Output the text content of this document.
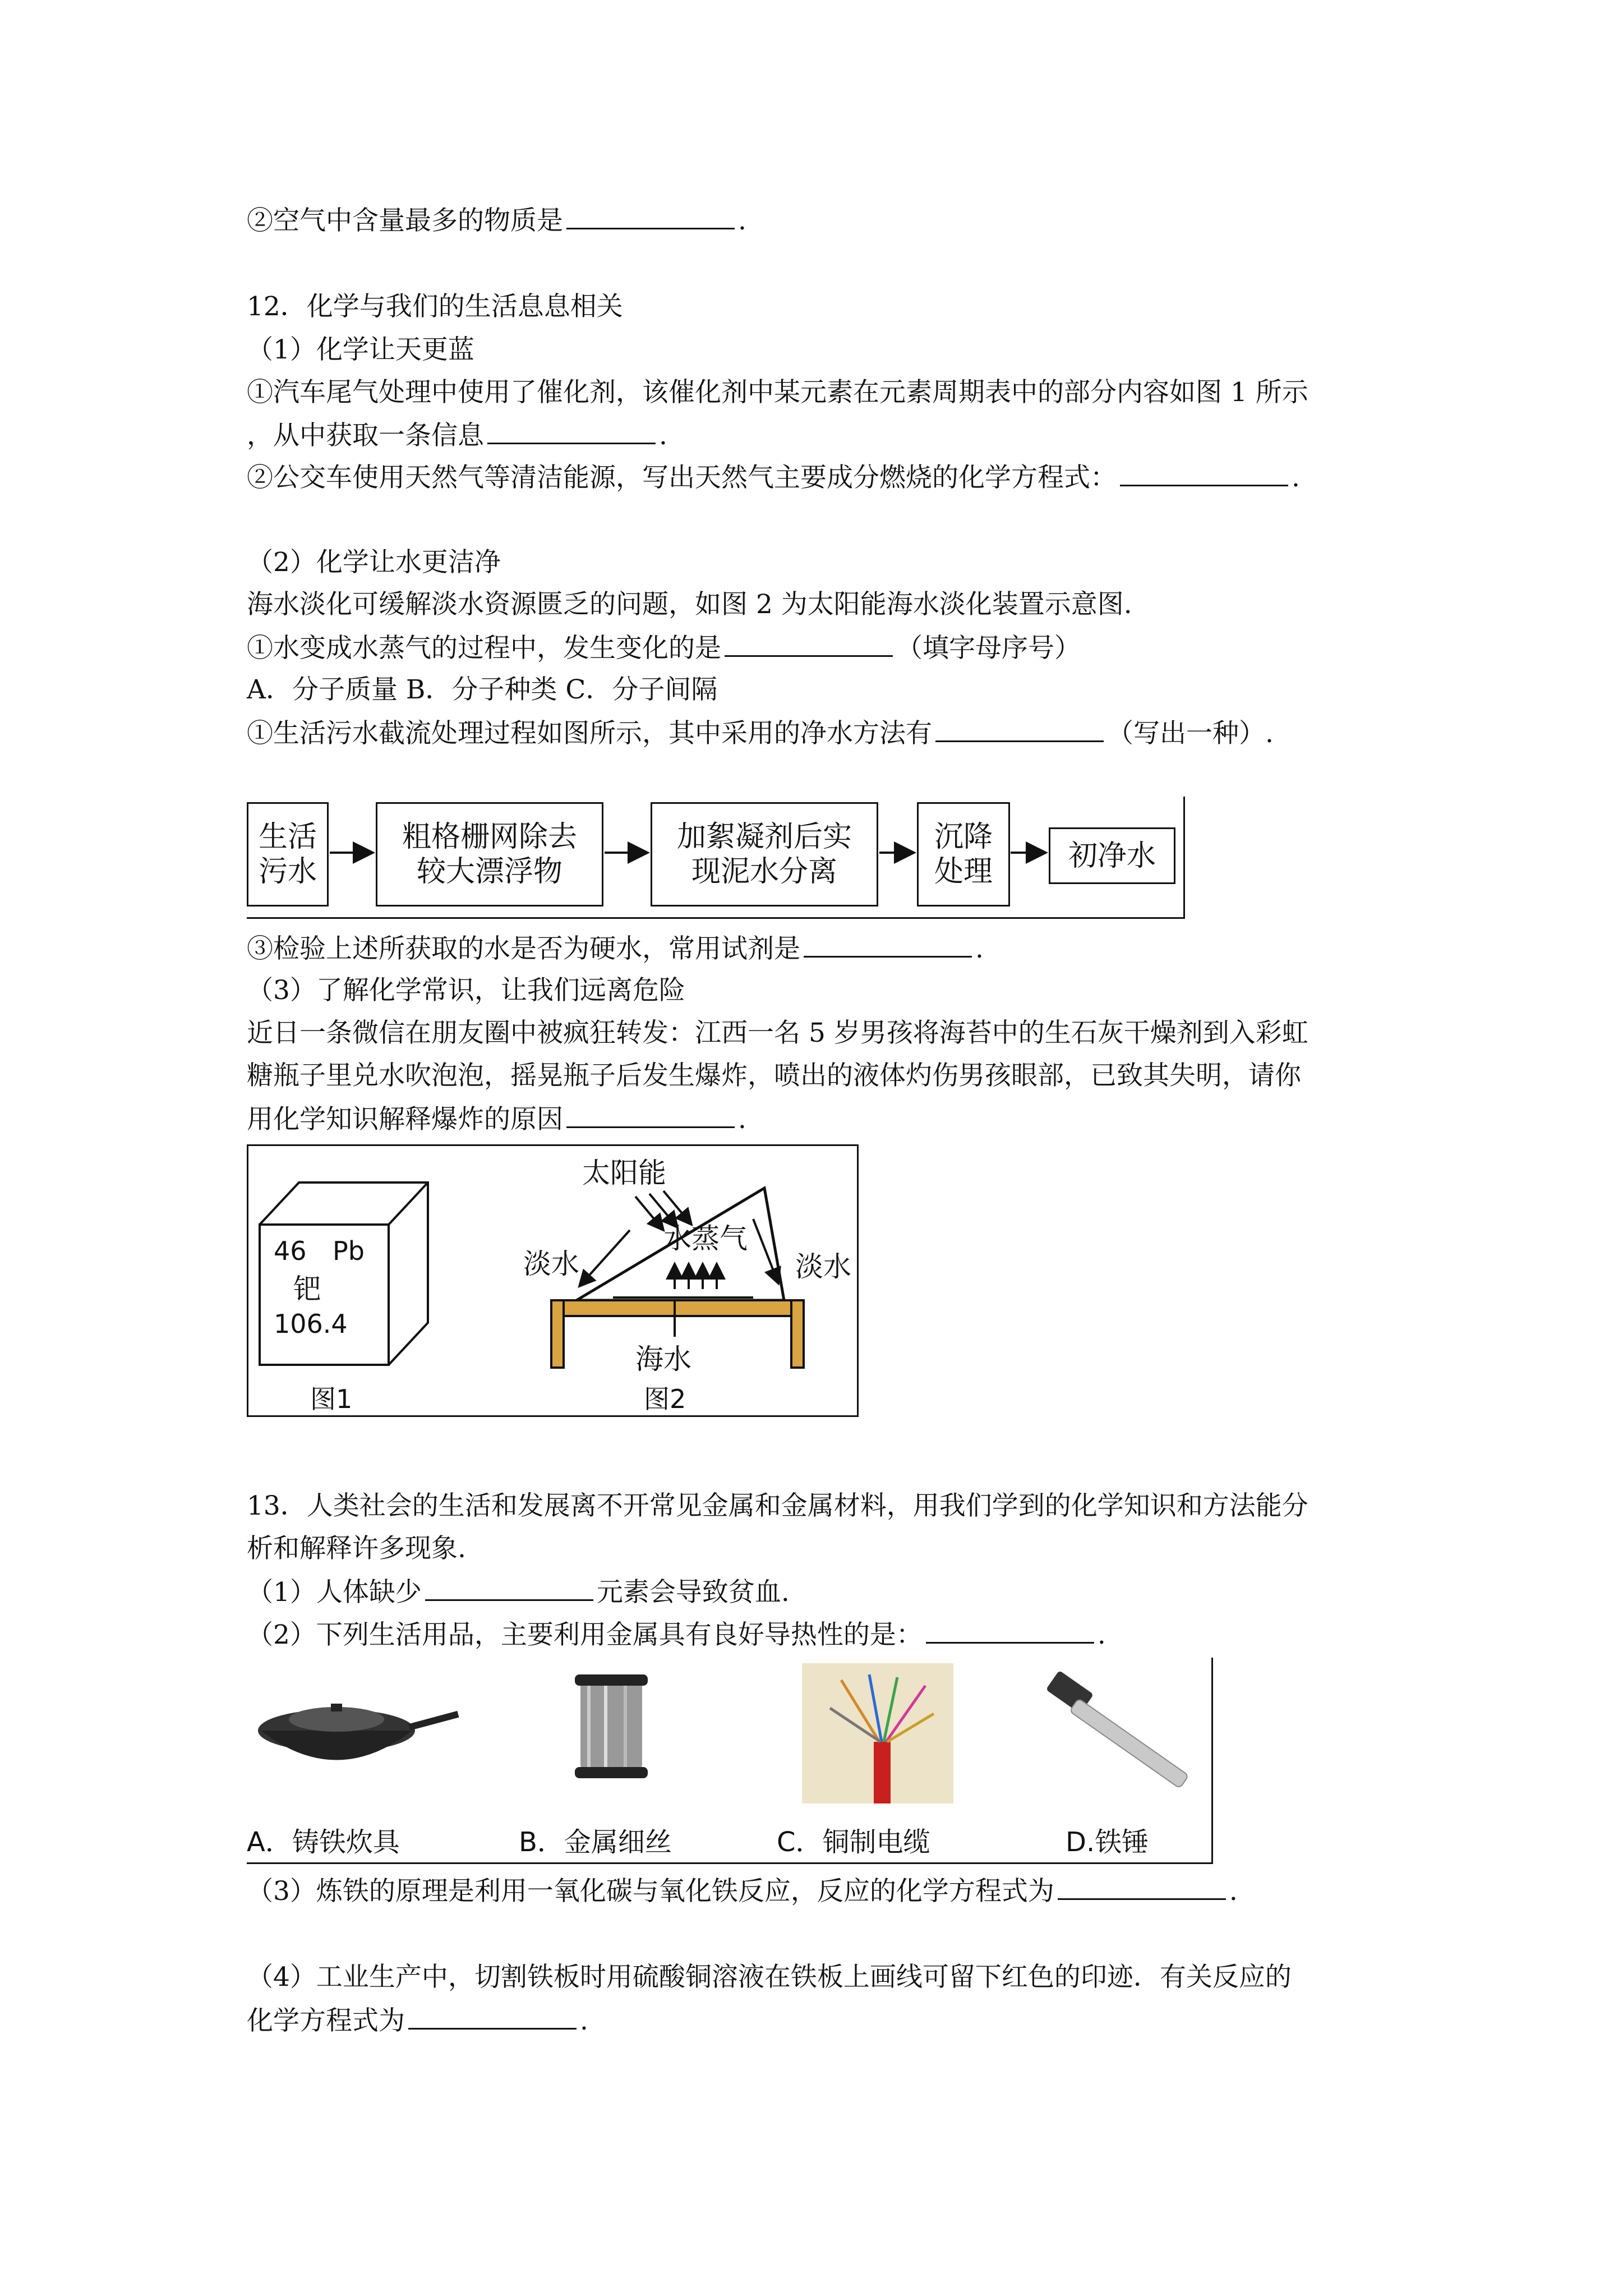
②空气中含量最多的物质是	.
12．化学与我们的生活息息相关
（1）化学让天更蓝
①汽车尾气处理中使用了催化剂，该催化剂中某元素在元素周期表中的部分内容如图 1 所示
，从中获取一条信息	.
②公交车使用天然气等清洁能源，写出天然气主要成分燃烧的化学方程式：	.
（2）化学让水更洁净
海水淡化可缓解淡水资源匮乏的问题，如图 2 为太阳能海水淡化装置示意图.
①水变成水蒸气的过程中，发生变化的是	（填字母序号）
A．分子质量 B．分子种类 C．分子间隔
①生活污水截流处理过程如图所示，其中采用的净水方法有	（写出一种）.
生活
污水
粗格栅网除去
较大漂浮物
加絮凝剂后实
现泥水分离
沉降
处理	初净水
③检验上述所获取的水是否为硬水，常用试剂是	.
（3）了解化学常识，让我们远离危险
近日一条微信在朋友圈中被疯狂转发：江西一名 5 岁男孩将海苔中的生石灰干燥剂到入彩虹
糖瓶子里兑水吹泡泡，摇晃瓶子后发生爆炸，喷出的液体灼伤男孩眼部，已致其失明，请你
用化学知识解释爆炸的原因	.
46 Pb
钯
106.4
图1
太阳能
水蒸气
淡水	淡水
海水
图2
13．人类社会的生活和发展离不开常见金属和金属材料，用我们学到的化学知识和方法能分
析和解释许多现象.
（1）人体缺少	元素会导致贫血.
（2）下列生活用品，主要利用金属具有良好导热性的是：	.
A．铸铁炊具	B．金属细丝	C．铜制电缆	D.铁锤
（3）炼铁的原理是利用一氧化碳与氧化铁反应，反应的化学方程式为	.
（4）工业生产中，切割铁板时用硫酸铜溶液在铁板上画线可留下红色的印迹．有关反应的
化学方程式为	.
